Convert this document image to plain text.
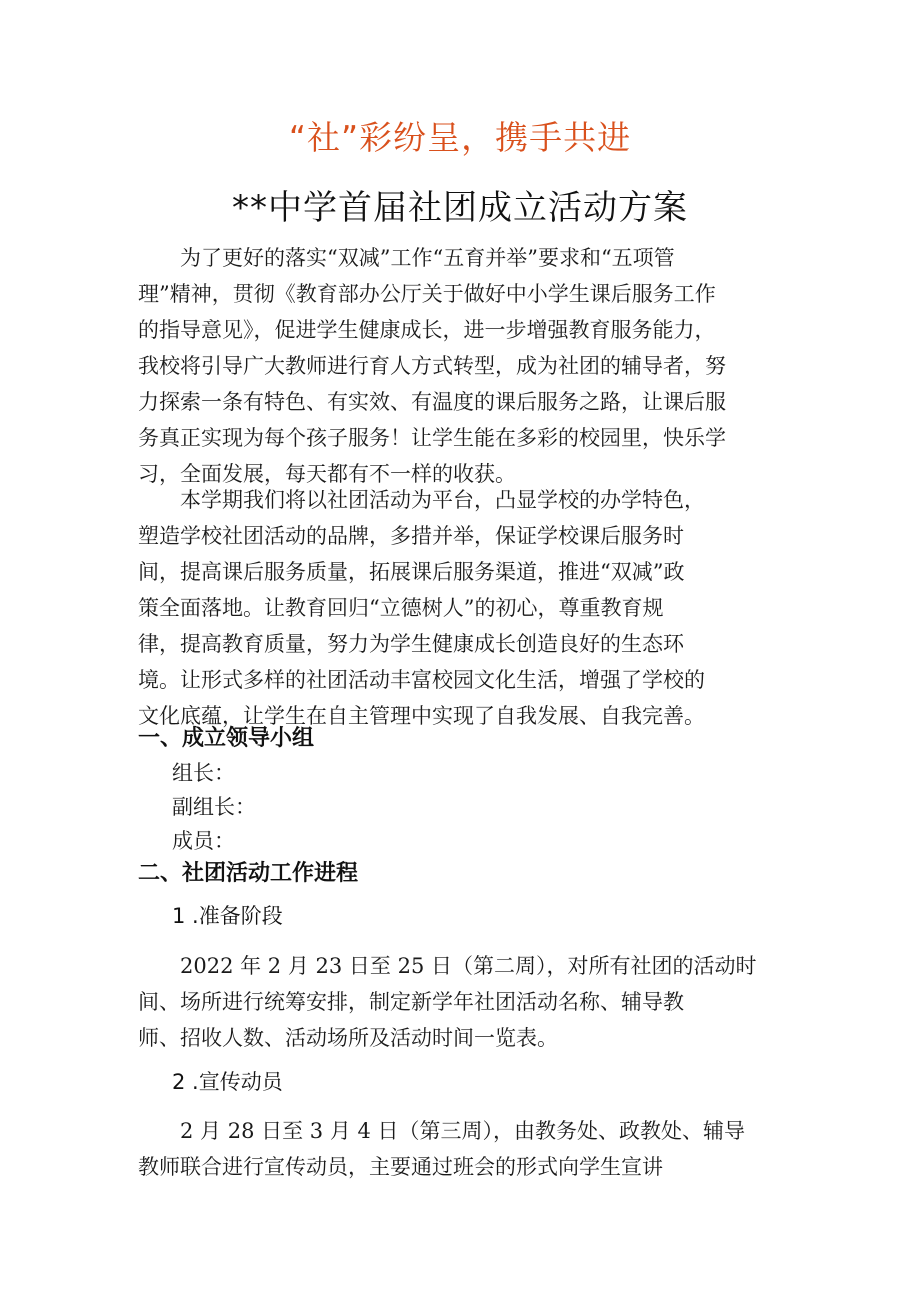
“社”彩纷呈，携手共进
**中学首届社团成立活动方案
　　为了更好的落实“双减”工作“五育并举”要求和“五项管
理”精神，贯彻《教育部办公厅关于做好中小学生课后服务工作
的指导意见》，促进学生健康成长，进一步增强教育服务能力，
我校将引导广大教师进行育人方式转型，成为社团的辅导者，努
力探索一条有特色、有实效、有温度的课后服务之路，让课后服
务真正实现为每个孩子服务！让学生能在多彩的校园里，快乐学
习，全面发展，每天都有不一样的收获。
　　本学期我们将以社团活动为平台，凸显学校的办学特色，
塑造学校社团活动的品牌，多措并举，保证学校课后服务时
间，提高课后服务质量，拓展课后服务渠道，推进“双减”政
策全面落地。让教育回归“立德树人”的初心，尊重教育规
律，提高教育质量，努力为学生健康成长创造良好的生态环
境。让形式多样的社团活动丰富校园文化生活，增强了学校的
文化底蕴，让学生在自主管理中实现了自我发展、自我完善。
一、成立领导小组
组长：
副组长：
成员：
二、社团活动工作进程
1 .准备阶段
　　2022 年 2 月 23 日至 25 日（第二周），对所有社团的活动时
间、场所进行统筹安排，制定新学年社团活动名称、辅导教
师、招收人数、活动场所及活动时间一览表。
2 .宣传动员
　　2 月 28 日至 3 月 4 日（第三周），由教务处、政教处、辅导
教师联合进行宣传动员，主要通过班会的形式向学生宣讲
